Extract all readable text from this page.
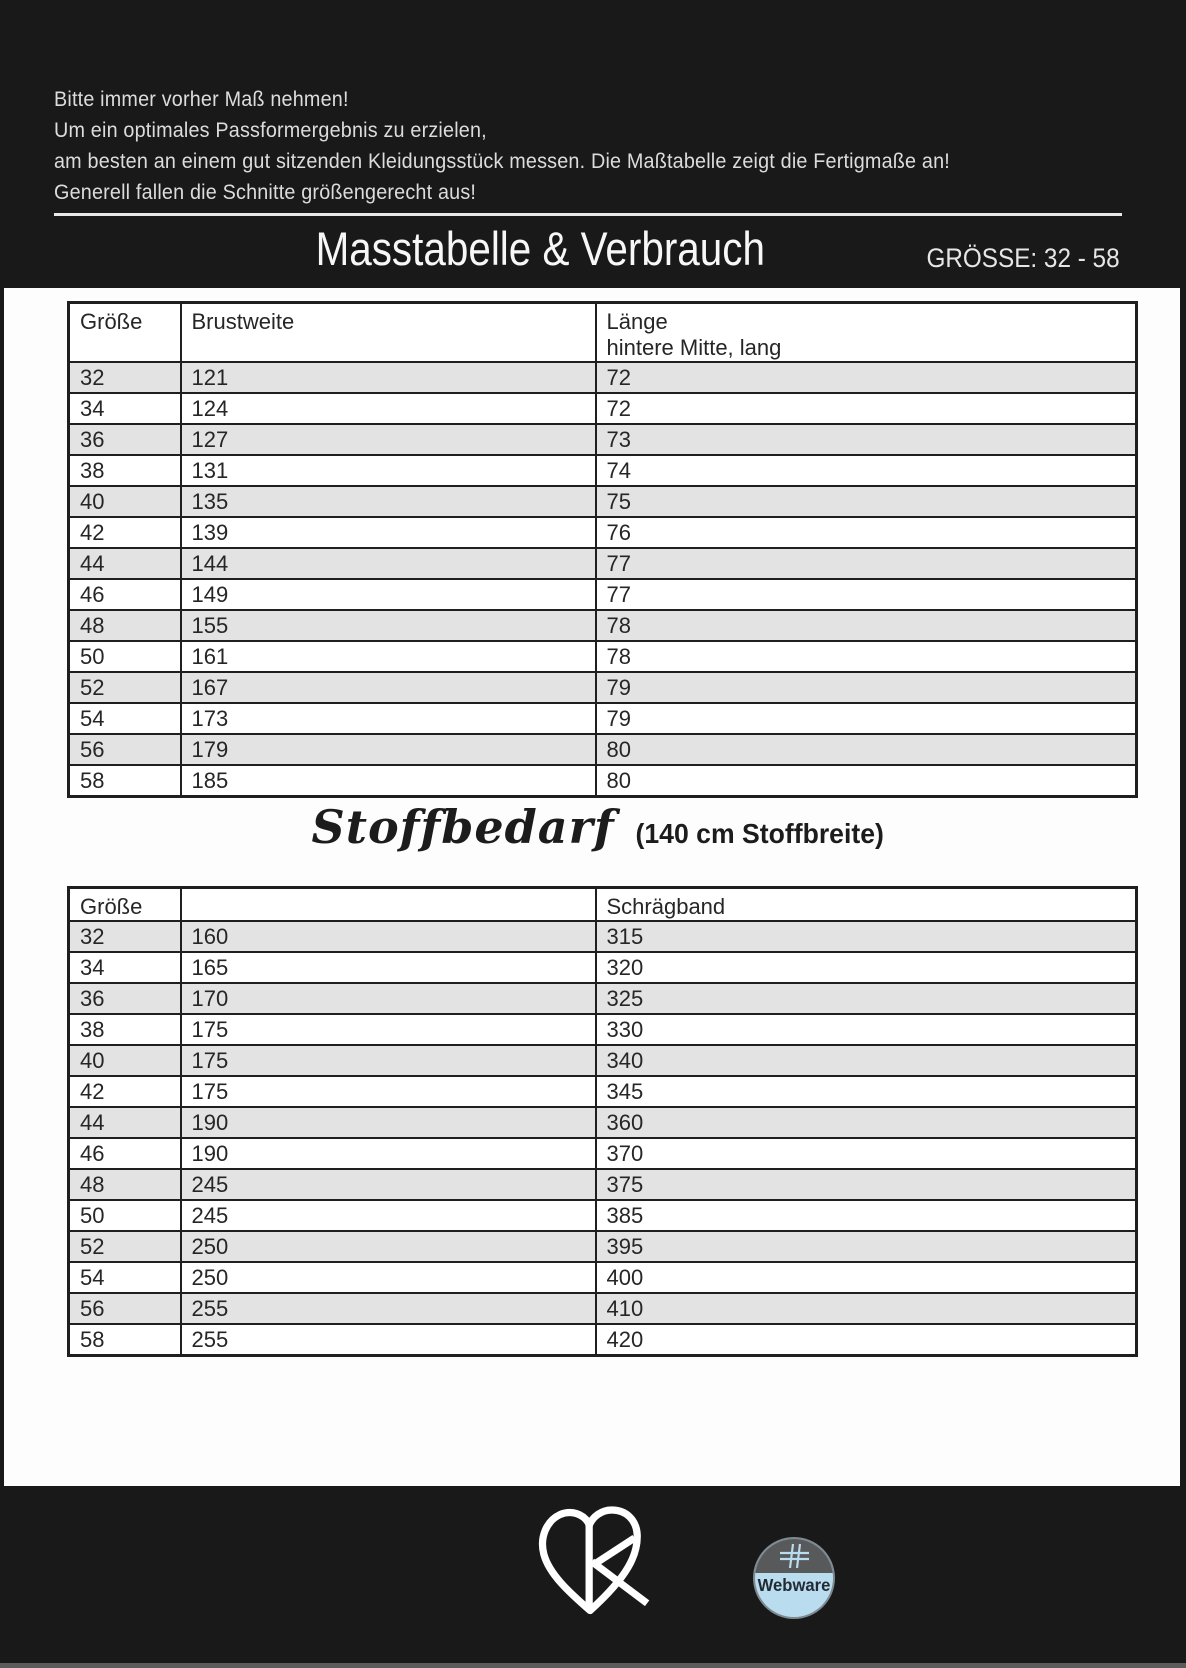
Bitte immer vorher Maß nehmen!
Um ein optimales Passformergebnis zu erzielen,
am besten an einem gut sitzenden Kleidungsstück messen. Die Maßtabelle zeigt die Fertigmaße an!
Generell fallen die Schnitte größengerecht aus!
Masstabelle & Verbrauch	GRÖSSE: 32 - 58
Größe	Brustweite	Länge
hintere Mitte, lang

32	121	72
34	124	72
36	127	73
38	131	74
40	135	75
42	139	76
44	144	77
46	149	77
48	155	78
50	161	78
52	167	79
54	173	79
56	179	80
58	185	80
Stoffbedarf (140 cm Stoffbreite)
Größe		Schrägband
32	160	315
34	165	320
36	170	325
38	175	330
40	175	340
42	175	345
44	190	360
46	190	370
48	245	375
50	245	385
52	250	395
54	250	400
56	255	410
58	255	420
Webware
